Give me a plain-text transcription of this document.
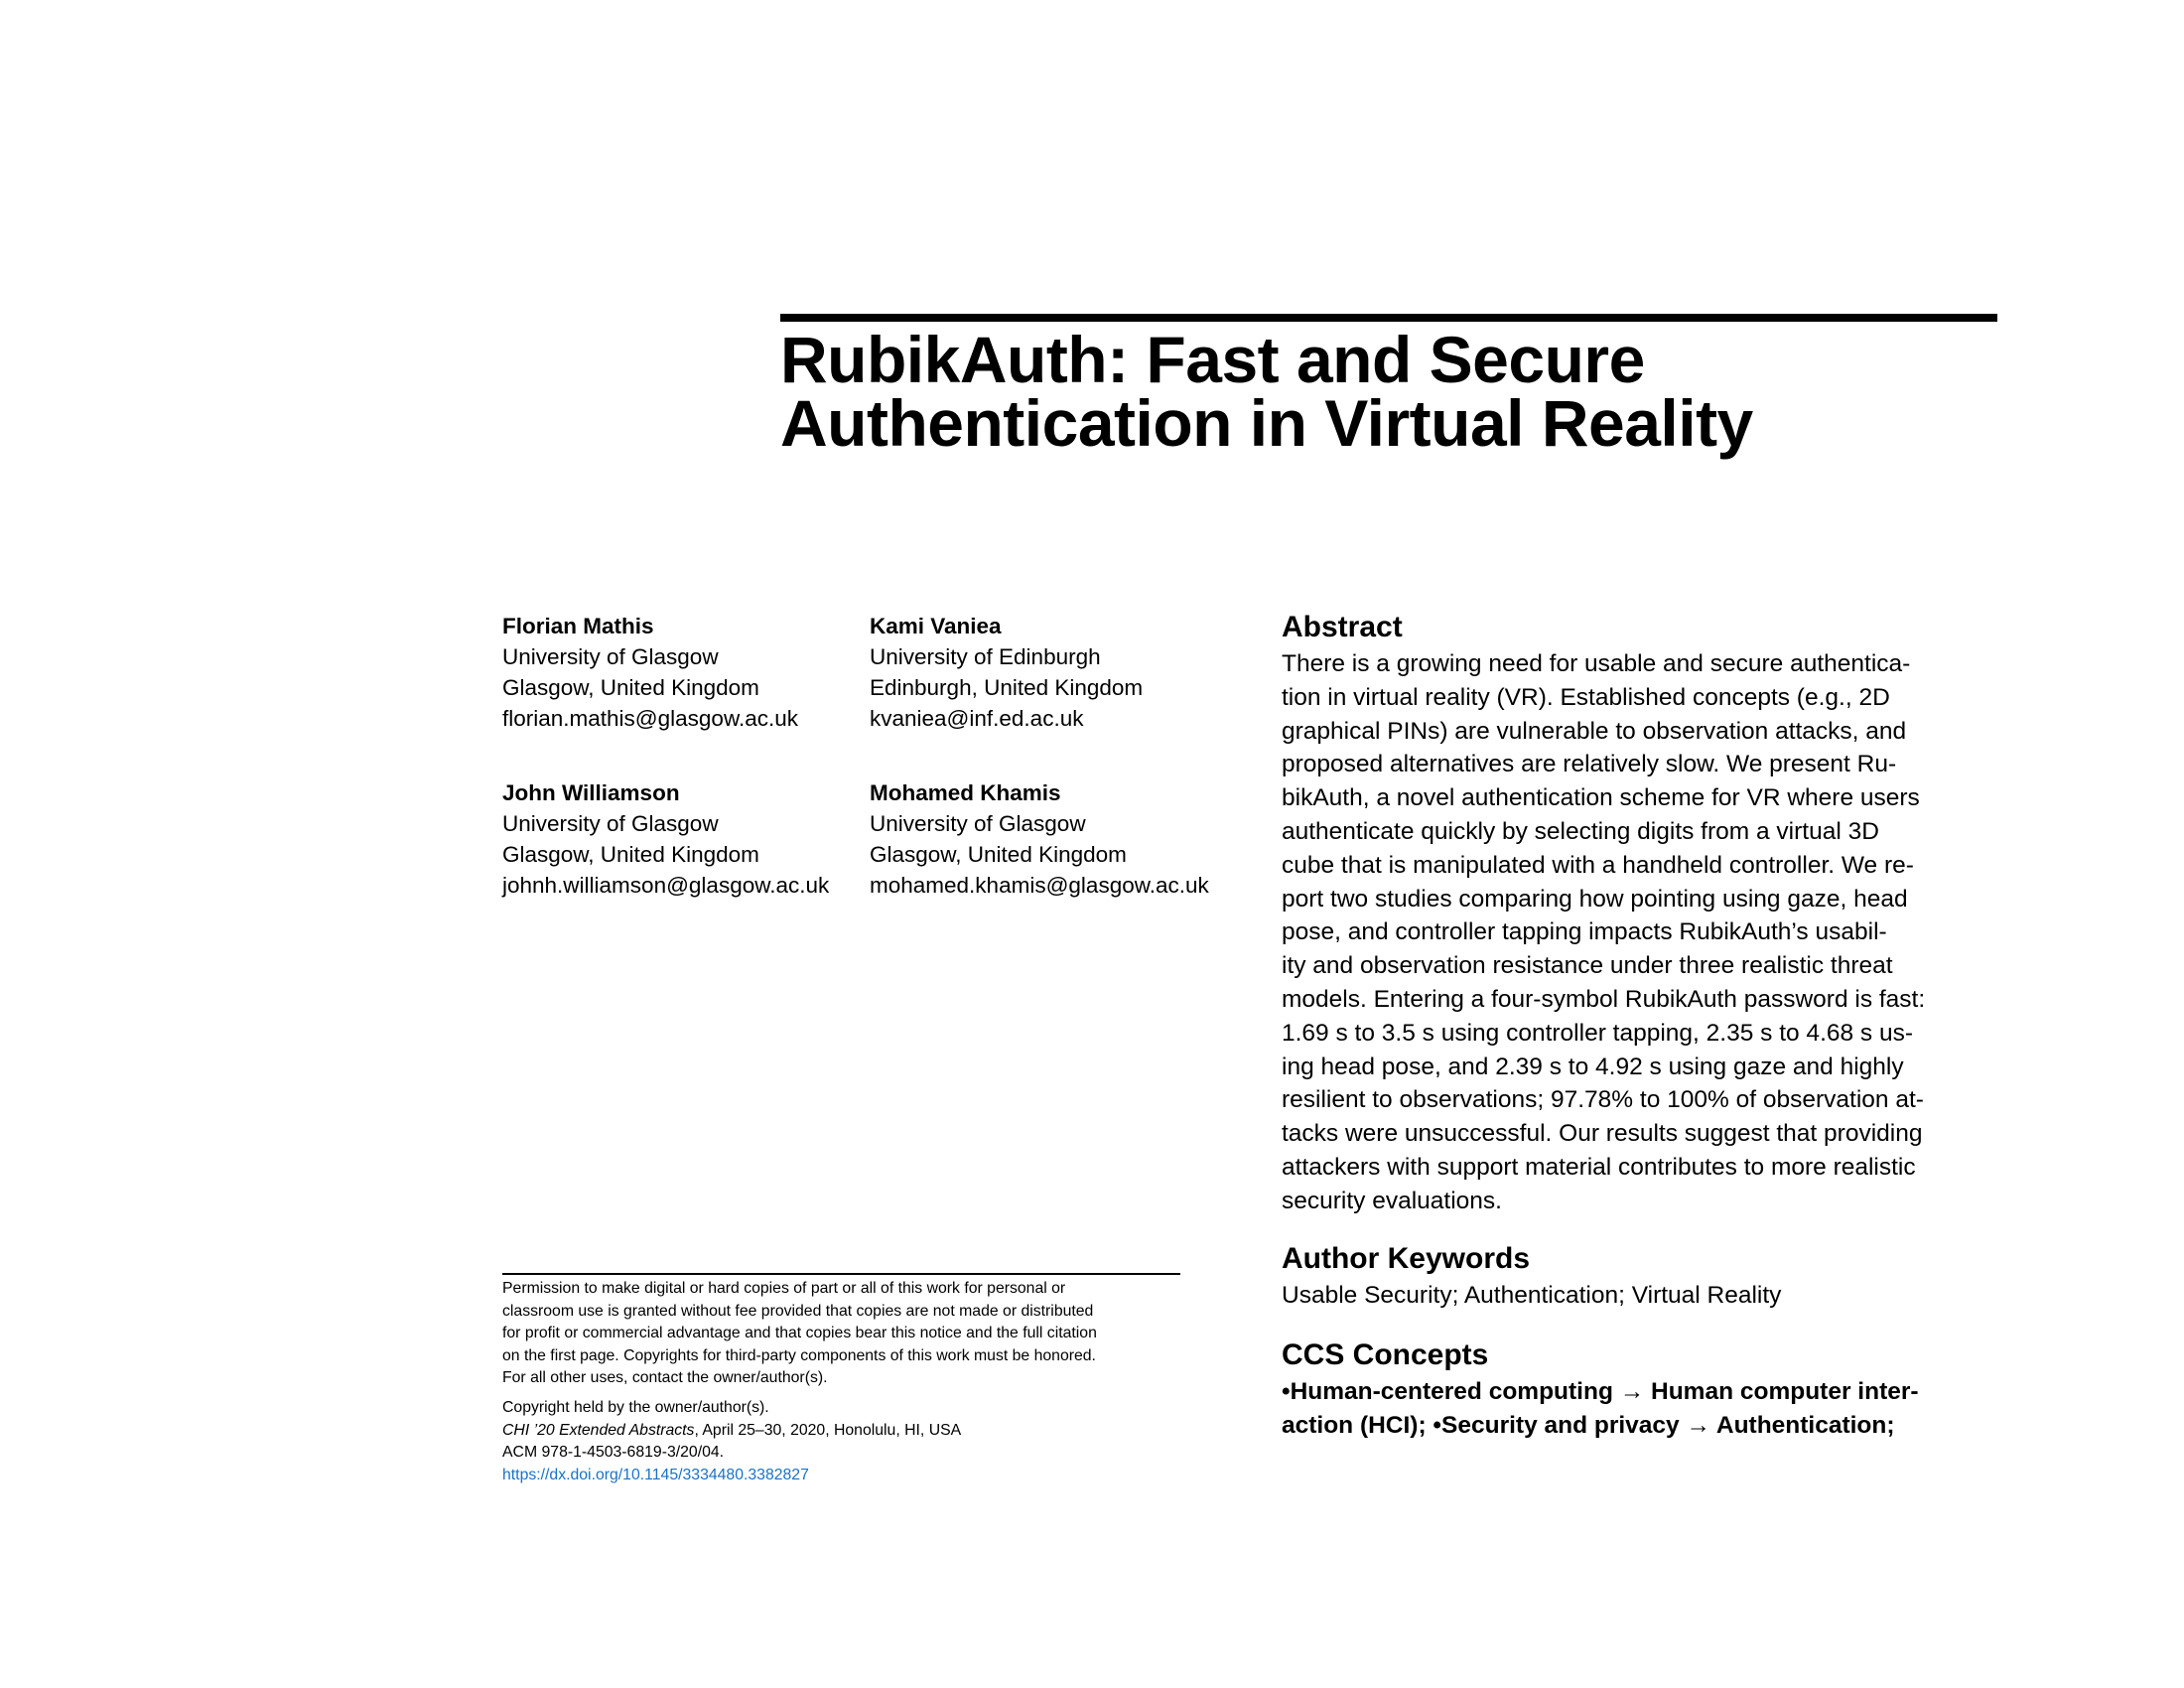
RubikAuth: Fast and Secure
Authentication in Virtual Reality
Florian Mathis
University of Glasgow
Glasgow, United Kingdom
florian.mathis@glasgow.ac.uk
Kami Vaniea
University of Edinburgh
Edinburgh, United Kingdom
kvaniea@inf.ed.ac.uk
John Williamson
University of Glasgow
Glasgow, United Kingdom
johnh.williamson@glasgow.ac.uk
Mohamed Khamis
University of Glasgow
Glasgow, United Kingdom
mohamed.khamis@glasgow.ac.uk
Abstract
There is a growing need for usable and secure authentica-
tion in virtual reality (VR). Established concepts (e.g., 2D
graphical PINs) are vulnerable to observation attacks, and
proposed alternatives are relatively slow. We present Ru-
bikAuth, a novel authentication scheme for VR where users
authenticate quickly by selecting digits from a virtual 3D
cube that is manipulated with a handheld controller. We re-
port two studies comparing how pointing using gaze, head
pose, and controller tapping impacts RubikAuth’s usabil-
ity and observation resistance under three realistic threat
models. Entering a four-symbol RubikAuth password is fast:
1.69 s to 3.5 s using controller tapping, 2.35 s to 4.68 s us-
ing head pose, and 2.39 s to 4.92 s using gaze and highly
resilient to observations; 97.78% to 100% of observation at-
tacks were unsuccessful. Our results suggest that providing
attackers with support material contributes to more realistic
security evaluations.
Author Keywords
Usable Security; Authentication; Virtual Reality
CCS Concepts
•Human-centered computing → Human computer inter-
action (HCI); •Security and privacy → Authentication;
Permission to make digital or hard copies of part or all of this work for personal or
classroom use is granted without fee provided that copies are not made or distributed
for profit or commercial advantage and that copies bear this notice and the full citation
on the first page. Copyrights for third-party components of this work must be honored.
For all other uses, contact the owner/author(s).
Copyright held by the owner/author(s).
CHI ’20 Extended Abstracts, April 25–30, 2020, Honolulu, HI, USA
ACM 978-1-4503-6819-3/20/04.
https://dx.doi.org/10.1145/3334480.3382827
